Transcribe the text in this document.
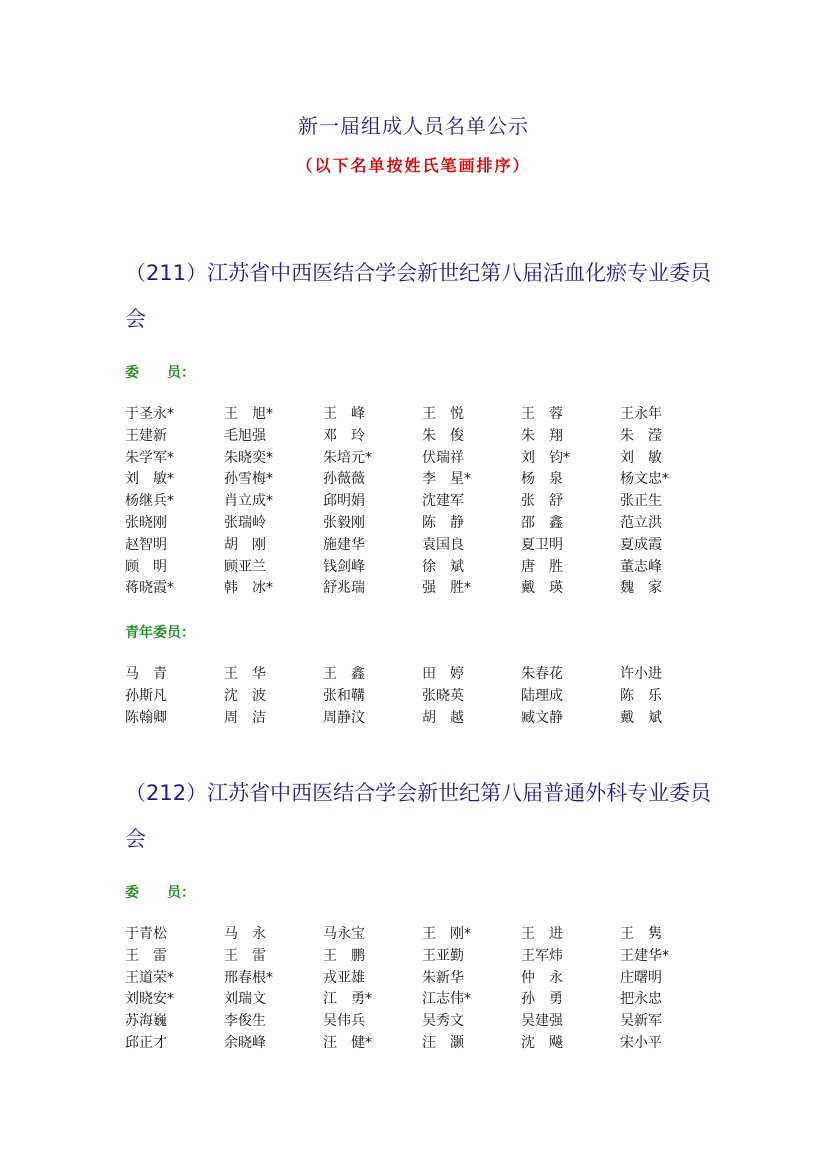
新一届组成人员名单公示
（以下名单按姓氏笔画排序）
（211）江苏省中西医结合学会新世纪第八届活血化瘀专业委员会
委　　员：
于圣永*	王　旭*	王　峰	王　悦	王　蓉	王永年
王建新	毛旭强	邓　玲	朱　俊	朱　翔	朱　滢
朱学军*	朱晓奕*	朱培元*	伏瑞祥	刘　钧*	刘　敏
刘　敏*	孙雪梅*	孙薇薇	李　星*	杨　泉	杨文忠*
杨继兵*	肖立成*	邱明娟	沈建军	张　舒	张正生
张晓刚	张瑞岭	张毅刚	陈　静	邵　鑫	范立洪
赵智明	胡　刚	施建华	袁国良	夏卫明	夏成霞
顾　明	顾亚兰	钱剑峰	徐　斌	唐　胜	董志峰
蒋晓霞*	韩　冰*	舒兆瑞	强　胜*	戴　瑛	魏　家
青年委员：
马　青	王　华	王　鑫	田　婷	朱春花	许小进
孙斯凡	沈　波	张和鞲	张晓英	陆理成	陈　乐
陈翰卿	周　洁	周静汶	胡　越	臧文静	戴　斌
（212）江苏省中西医结合学会新世纪第八届普通外科专业委员会
委　　员：
于青松	马　永	马永宝	王　刚*	王　进	王　隽
王　雷	王　雷	王　鹏	王亚勤	王军炜	王建华*
王道荣*	邢春根*	戎亚雄	朱新华	仲　永	庄曙明
刘晓安*	刘瑞文	江　勇*	江志伟*	孙　勇	把永忠
苏海巍	李俊生	吴伟兵	吴秀文	吴建强	吴新军
邱正才	余晓峰	汪　健*	汪　灏	沈　飚	宋小平
